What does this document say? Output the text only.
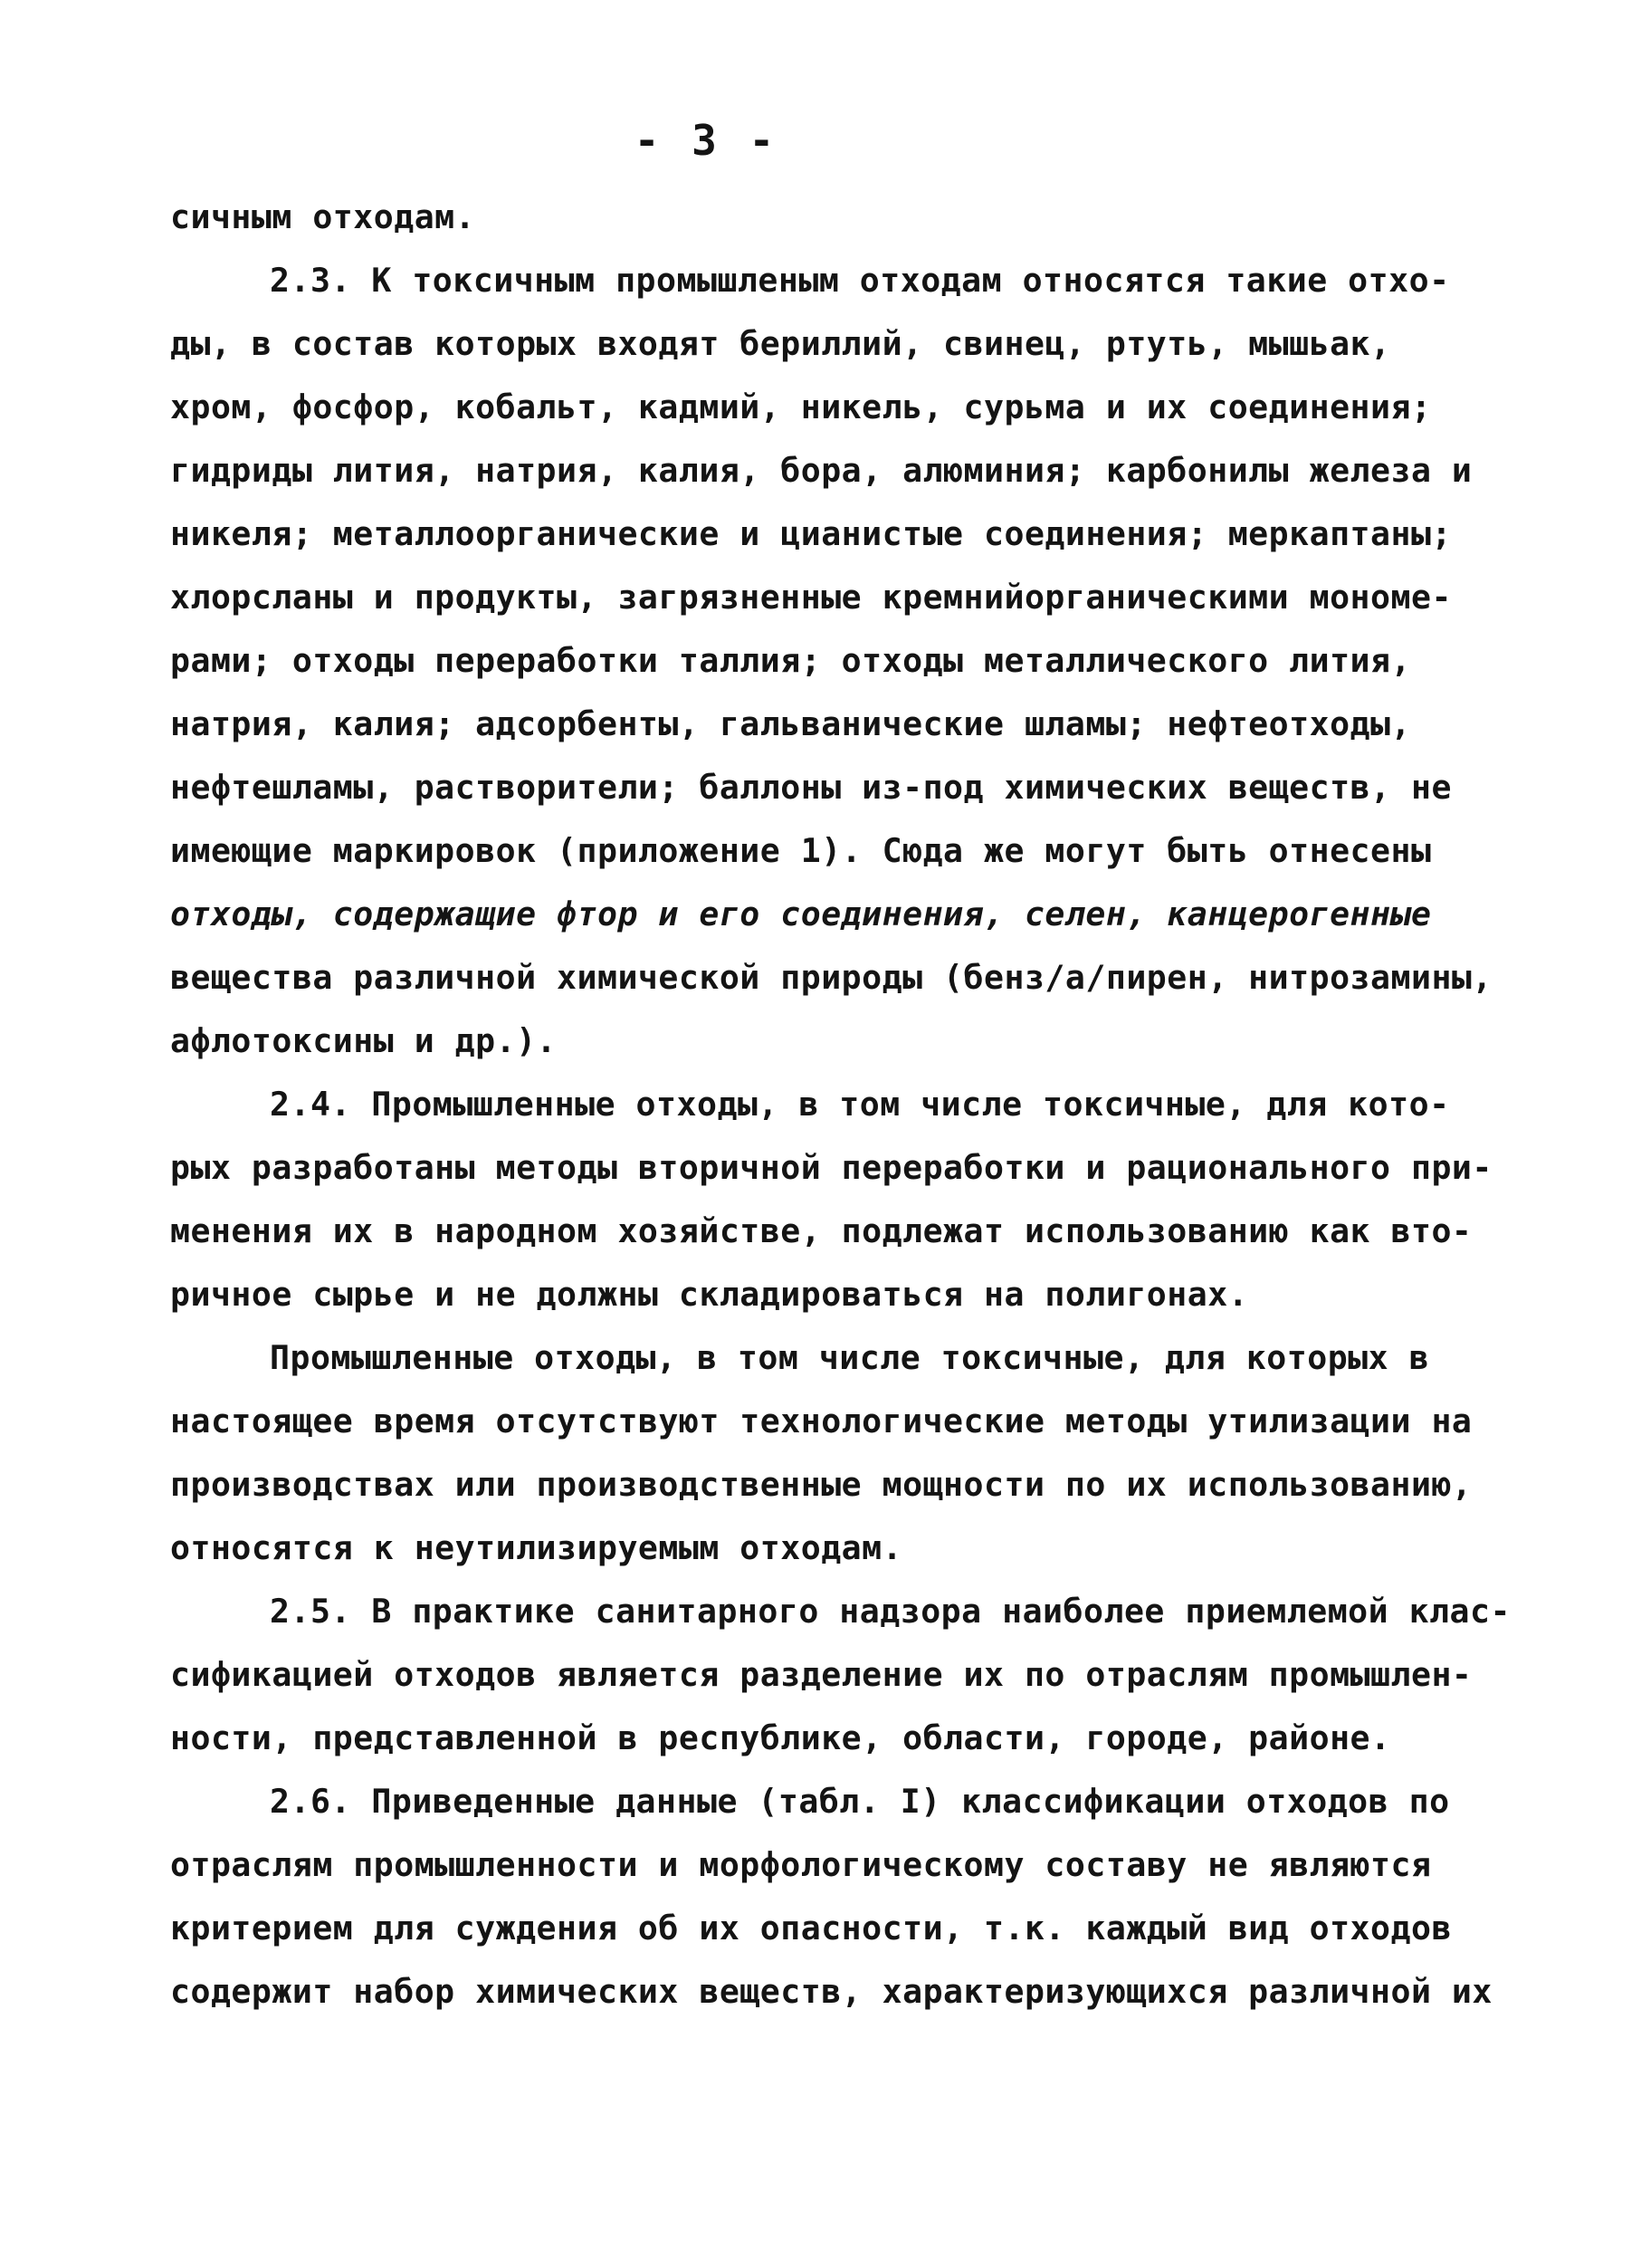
- 3 -
сичным отходам.
2.3. К токсичным промышленым отходам относятся такие отхо-
ды, в состав которых входят бериллий, свинец, ртуть, мышьак,
хром, фосфор, кобальт, кадмий, никель, сурьма и их соединения;
гидриды лития, натрия, калия, бора, алюминия; карбонилы железа и
никеля; металлоорганические и цианистые соединения; меркаптаны;
хлорсланы и продукты, загрязненные кремнийорганическими мономе-
рами; отходы переработки таллия; отходы металлического лития,
натрия, калия; адсорбенты, гальванические шламы; нефтеотходы,
нефтешламы, растворители; баллоны из-под химических веществ, не
имеющие маркировок (приложение 1). Сюда же могут быть отнесены
отходы, содержащие фтор и его соединения, селен, канцерогенные
вещества различной химической природы (бенз/а/пирен, нитрозамины,
афлотоксины и др.).
2.4. Промышленные отходы, в том числе токсичные, для кото-
рых разработаны методы вторичной переработки и рационального при-
менения их в народном хозяйстве, подлежат использованию как вто-
ричное сырье и не должны складироваться на полигонах.
Промышленные отходы, в том числе токсичные, для которых в
настоящее время отсутствуют технологические методы утилизации на
производствах или производственные мощности по их использованию,
относятся к неутилизируемым отходам.
2.5. В практике санитарного надзора наиболее приемлемой клас-
сификацией отходов является разделение их по отраслям промышлен-
ности, представленной в республике, области, городе, районе.
2.6. Приведенные данные (табл. I) классификации отходов по
отраслям промышленности и морфологическому составу не являются
критерием для суждения об их опасности, т.к. каждый вид отходов
содержит набор химических веществ, характеризующихся различной их
